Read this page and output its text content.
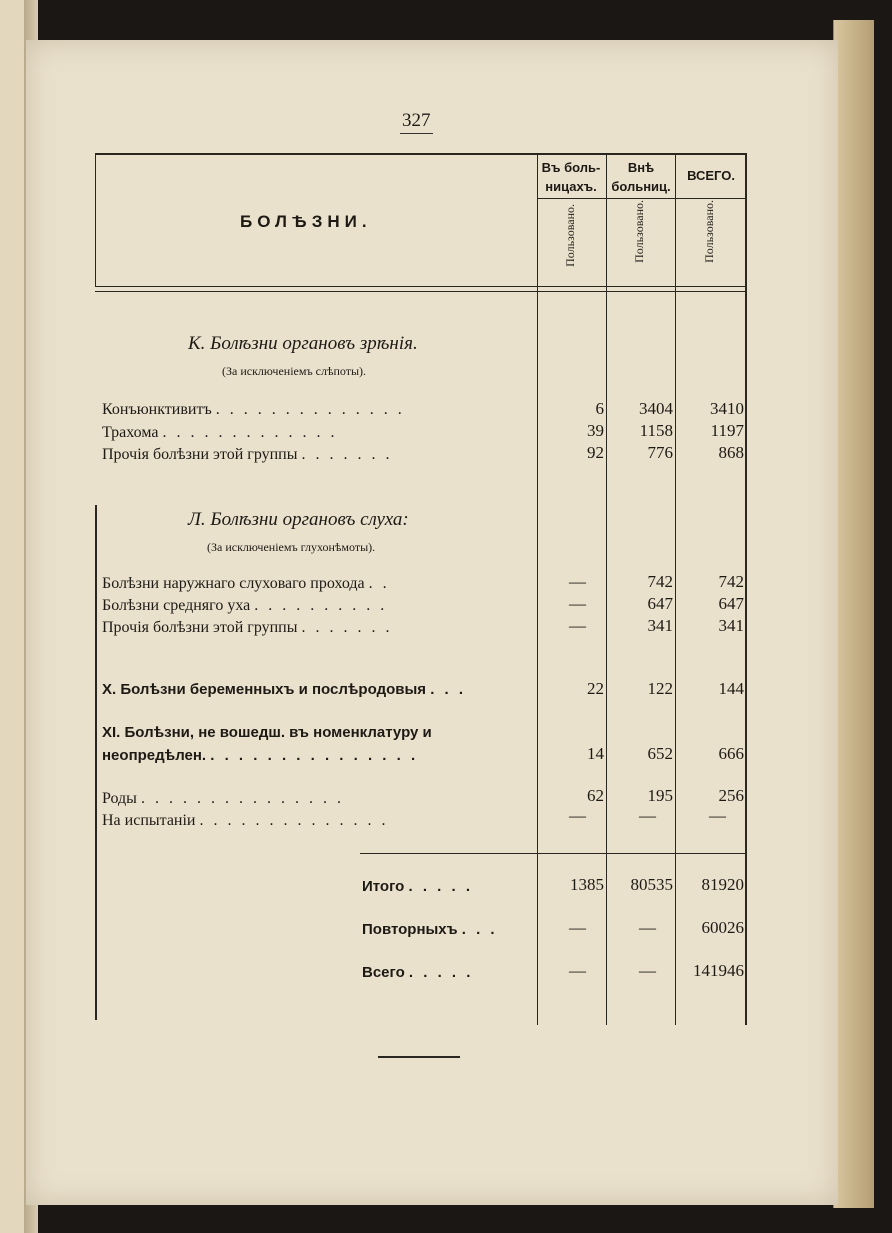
327
БОЛѢЗНИ.
Въ боль-
ницахъ.
Внѣ
больниц.
ВСЕГО.
Пользовано.	Пользовано.	Пользовано.
К. Болѣзни органовъ зрѣнія.
(За исключеніемъ слѣпоты).
Л. Болѣзни органовъ слуха:
(За исключеніемъ глухонѣмоты).
Конъюнктивитъ . . . . . . . . . . . . . .	6 3404 3410
Трахома . . . . . . . . . . . . .	39 1158 1197
Прочія болѣзни этой группы . . . . . . .	92	776	868
Болѣзни наружнаго слуховаго прохода . .	—	742	742
Болѣзни средняго уха . . . . . . . . . .	—	647	647
Прочія болѣзни этой группы . . . . . . .	—	341	341
X. Болѣзни беременныхъ и послѣродовыя . . .	22	122	144
XI. Болѣзни, не вошедш. въ номенклатуру и
неопредѣлен. . . . . . . . . . . . . . . .	14	652	666
Роды . . . . . . . . . . . . . . .	62	195	256
На испытаніи . . . . . . . . . . . . . .	—	—	—
Итого . . . . .	1385 80535 81920
Повторныхъ . . .	—	—	60026
Всего . . . . .	—	— 141946
